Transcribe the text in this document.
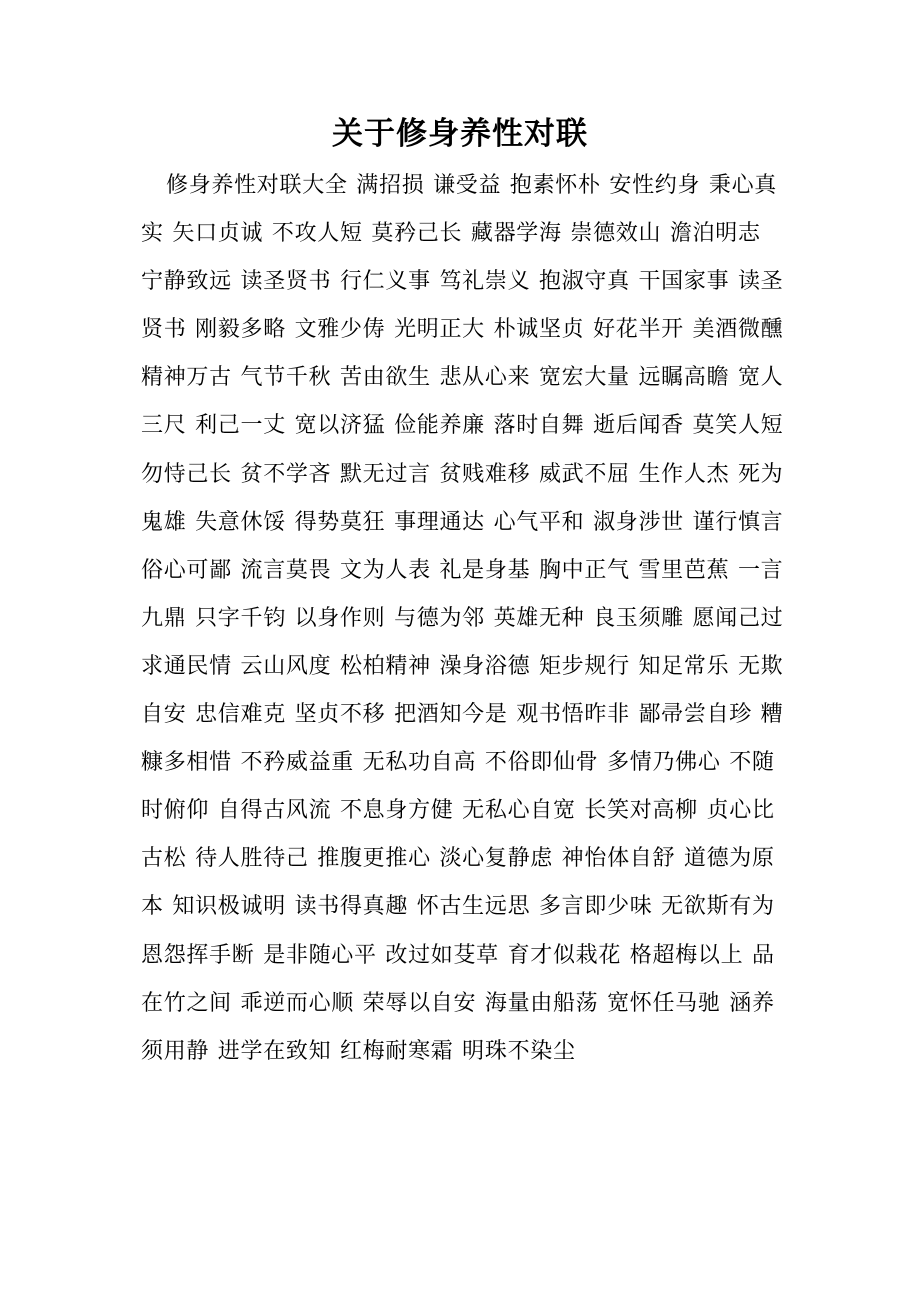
关于修身养性对联

修身养性对联大全 满招损 谦受益 抱素怀朴 安性约身 秉心真实 矢口贞诚 不攻人短 莫矜己长 藏器学海 崇德效山 澹泊明志 宁静致远 读圣贤书 行仁义事 笃礼崇义 抱淑守真 干国家事 读圣贤书 刚毅多略 文雅少俦 光明正大 朴诚坚贞 好花半开 美酒微醺 精神万古 气节千秋 苦由欲生 悲从心来 宽宏大量 远瞩高瞻 宽人三尺 利己一丈 宽以济猛 俭能养廉 落时自舞 逝后闻香 莫笑人短 勿恃己长 贫不学吝 默无过言 贫贱难移 威武不屈 生作人杰 死为鬼雄 失意休馁 得势莫狂 事理通达 心气平和 淑身涉世 谨行慎言 俗心可鄙 流言莫畏 文为人表 礼是身基 胸中正气 雪里芭蕉 一言九鼎 只字千钧 以身作则 与德为邻 英雄无种 良玉须雕 愿闻己过 求通民情 云山风度 松柏精神 澡身浴德 矩步规行 知足常乐 无欺自安 忠信难克 坚贞不移 把酒知今是 观书悟昨非 鄙帚尝自珍 糟糠多相惜 不矜威益重 无私功自高 不俗即仙骨 多情乃佛心 不随时俯仰 自得古风流 不息身方健 无私心自宽 长笑对高柳 贞心比古松 待人胜待己 推腹更推心 淡心复静虑 神怡体自舒 道德为原本 知识极诚明 读书得真趣 怀古生远思 多言即少味 无欲斯有为 恩怨挥手断 是非随心平 改过如芟草 育才似栽花 格超梅以上 品在竹之间 乖逆而心顺 荣辱以自安 海量由船荡 宽怀任马驰 涵养须用静 进学在致知 红梅耐寒霜 明珠不染尘
